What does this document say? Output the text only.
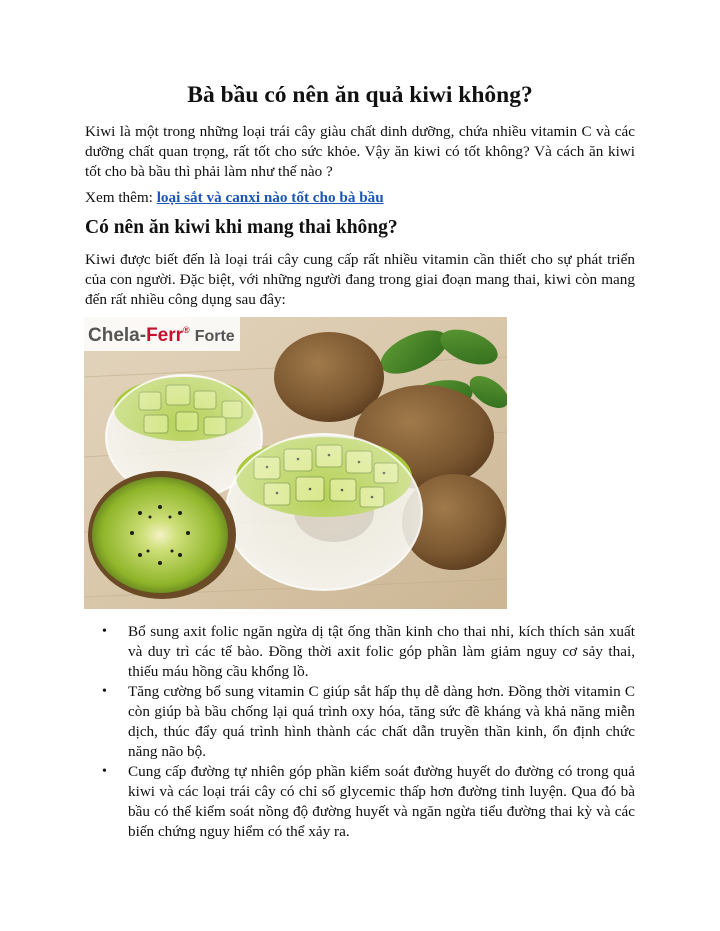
Bà bầu có nên ăn quả kiwi không?

Kiwi là một trong những loại trái cây giàu chất dinh dưỡng, chứa nhiều vitamin C và các dưỡng chất quan trọng, rất tốt cho sức khỏe. Vậy ăn kiwi có tốt không? Và cách ăn kiwi tốt cho bà bầu thì phải làm như thế nào ?

Xem thêm: loại sắt và canxi nào tốt cho bà bầu

Có nên ăn kiwi khi mang thai không?

Kiwi được biết đến là loại trái cây cung cấp rất nhiều vitamin cần thiết cho sự phát triển của con người. Đặc biệt, với những người đang trong giai đoạn mang thai, kiwi còn mang đến rất nhiều công dụng sau đây:

Chela-Ferr® $_{Forte}$
• Bổ sung axit folic ngăn ngừa dị tật ống thần kinh cho thai nhi, kích thích sản xuất và duy trì các tế bào. Đồng thời axit folic góp phần làm giảm nguy cơ sảy thai, thiếu máu hồng cầu khổng lồ.
• Tăng cường bổ sung vitamin C giúp sắt hấp thụ dễ dàng hơn. Đồng thời vitamin C còn giúp bà bầu chống lại quá trình oxy hóa, tăng sức đề kháng và khả năng miễn dịch, thúc đẩy quá trình hình thành các chất dẫn truyền thần kinh, ổn định chức năng não bộ.
• Cung cấp đường tự nhiên góp phần kiểm soát đường huyết do đường có trong quả kiwi và các loại trái cây có chỉ số glycemic thấp hơn đường tinh luyện. Qua đó bà bầu có thể kiểm soát nồng độ đường huyết và ngăn ngừa tiểu đường thai kỳ và các biến chứng nguy hiểm có thể xảy ra.
